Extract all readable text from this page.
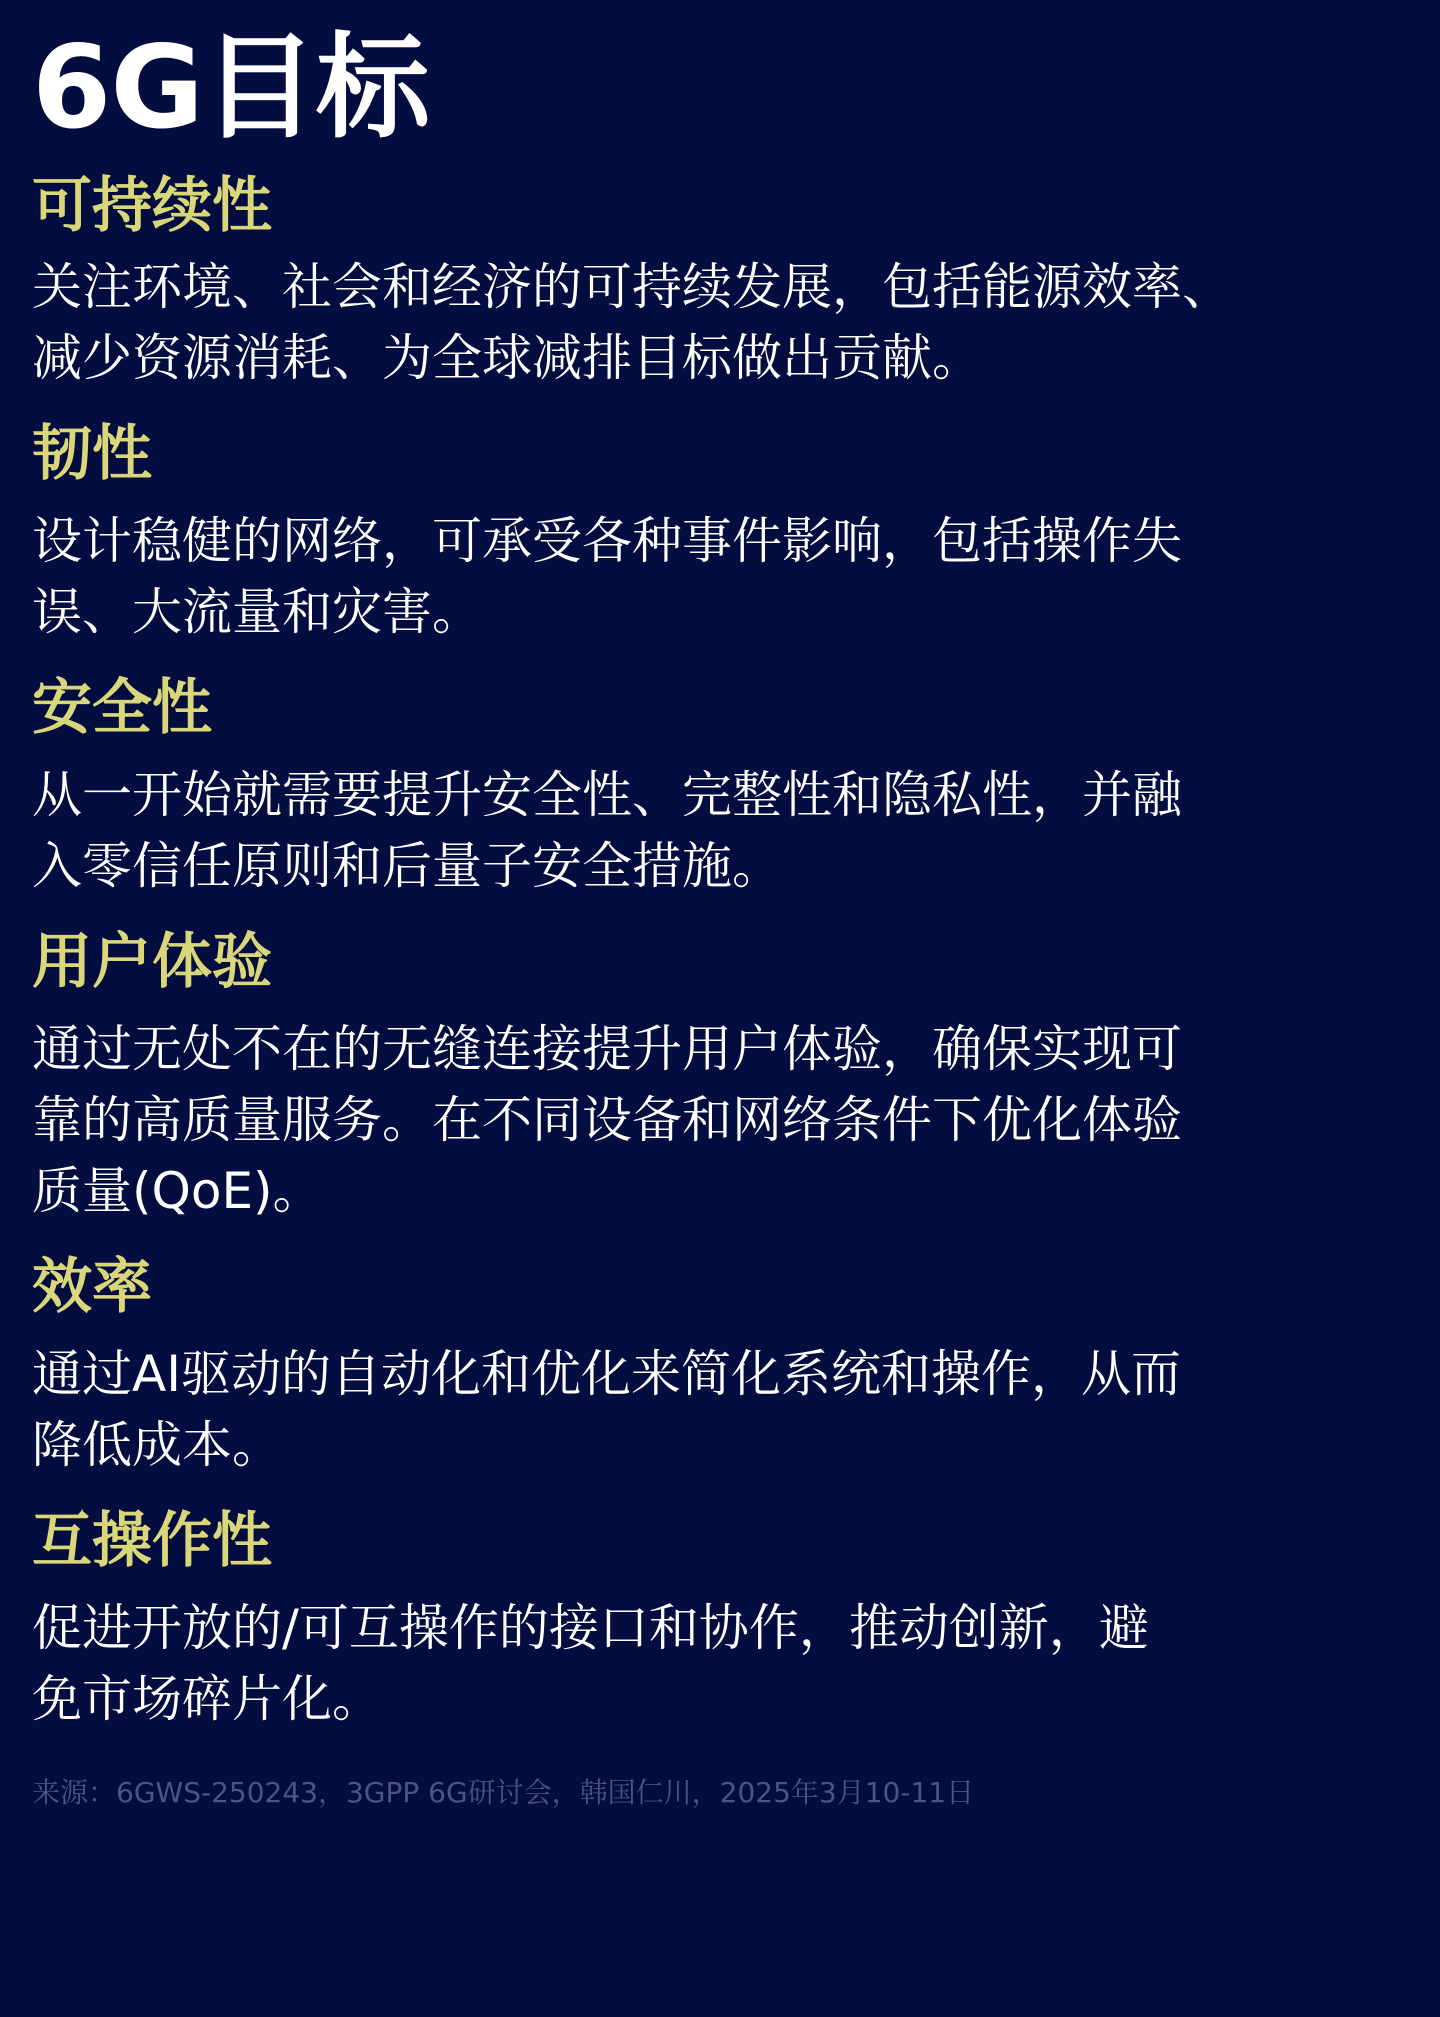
6G目标
可持续性

关注环境、社会和经济的可持续发展，包括能源效率、
减少资源消耗、为全球减排目标做出贡献。

韧性

设计稳健的网络，可承受各种事件影响，包括操作失
误、大流量和灾害。

安全性

从一开始就需要提升安全性、完整性和隐私性，并融
入零信任原则和后量子安全措施。

用户体验

通过无处不在的无缝连接提升用户体验，确保实现可
靠的高质量服务。在不同设备和网络条件下优化体验
质量(QoE)。

效率

通过AI驱动的自动化和优化来简化系统和操作，从而
降低成本。

互操作性

促进开放的/可互操作的接口和协作，推动创新，避
免市场碎片化。

来源：6GWS-250243，3GPP 6G研讨会，韩国仁川，2025年3月10-11日
